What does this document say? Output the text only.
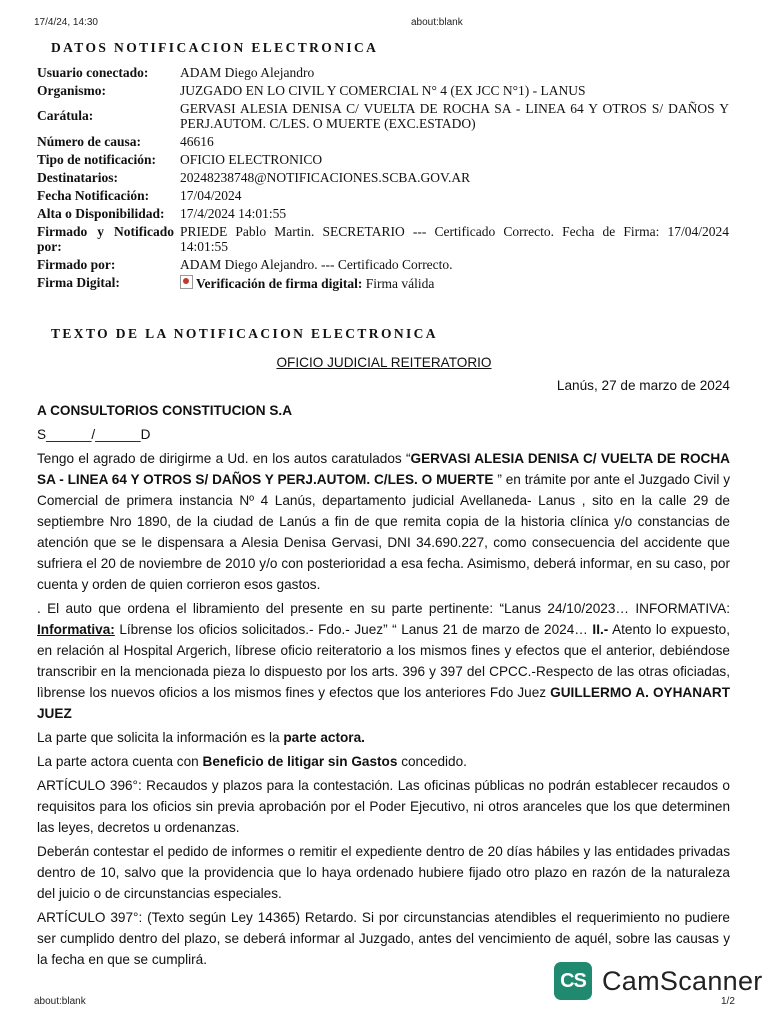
17/4/24, 14:30	about:blank
DATOS NOTIFICACION ELECTRONICA
Usuario conectado:	ADAM Diego Alejandro
Organismo:	JUZGADO EN LO CIVIL Y COMERCIAL N° 4 (EX JCC N°1) - LANUS
Carátula:	GERVASI ALESIA DENISA C/ VUELTA DE ROCHA SA - LINEA 64 Y OTROS S/ DAÑOS Y PERJ.AUTOM. C/LES. O MUERTE (EXC.ESTADO)
Número de causa:	46616
Tipo de notificación:	OFICIO ELECTRONICO
Destinatarios:	20248238748@NOTIFICACIONES.SCBA.GOV.AR
Fecha Notificación:	17/04/2024
Alta o Disponibilidad:	17/4/2024 14:01:55
Firmado y Notificado por:	PRIEDE Pablo Martin. SECRETARIO --- Certificado Correcto. Fecha de Firma: 17/04/2024 14:01:55
Firmado por:	ADAM Diego Alejandro. --- Certificado Correcto.
Firma Digital:	Verificación de firma digital: Firma válida
TEXTO DE LA NOTIFICACION ELECTRONICA
OFICIO JUDICIAL REITERATORIO
Lanús, 27 de marzo de 2024

A CONSULTORIOS CONSTITUCION S.A

S______/______D

Tengo el agrado de dirigirme a Ud. en los autos caratulados “GERVASI ALESIA DENISA C/ VUELTA DE ROCHA SA - LINEA 64 Y OTROS S/ DAÑOS Y PERJ.AUTOM. C/LES. O MUERTE ” en trámite por ante el Juzgado Civil y Comercial de primera instancia Nº 4 Lanús, departamento judicial Avellaneda- Lanus , sito en la calle 29 de septiembre Nro 1890, de la ciudad de Lanús a fin de que remita copia de la historia clínica y/o constancias de atención que se le dispensara a Alesia Denisa Gervasi, DNI 34.690.227, como consecuencia del accidente que sufriera el 20 de noviembre de 2010 y/o con posterioridad a esa fecha. Asimismo, deberá informar, en su caso, por cuenta y orden de quien corrieron esos gastos.

. El auto que ordena el libramiento del presente en su parte pertinente: “Lanus 24/10/2023… INFORMATIVA: Informativa: Líbrense los oficios solicitados.- Fdo.- Juez” “ Lanus 21 de marzo de 2024… II.- Atento lo expuesto, en relación al Hospital Argerich, líbrese oficio reiteratorio a los mismos fines y efectos que el anterior, debiéndose transcribir en la mencionada pieza lo dispuesto por los arts. 396 y 397 del CPCC.-Respecto de las otras oficiadas, lìbrense los nuevos oficios a los mismos fines y efectos que los anteriores Fdo Juez GUILLERMO A. OYHANART JUEZ

La parte que solicita la información es la parte actora.

La parte actora cuenta con Beneficio de litigar sin Gastos concedido.

ARTÍCULO 396°: Recaudos y plazos para la contestación. Las oficinas públicas no podrán establecer recaudos o requisitos para los oficios sin previa aprobación por el Poder Ejecutivo, ni otros aranceles que los que determinen las leyes, decretos u ordenanzas.

Deberán contestar el pedido de informes o remitir el expediente dentro de 20 días hábiles y las entidades privadas dentro de 10, salvo que la providencia que lo haya ordenado hubiere fijado otro plazo en razón de la naturaleza del juicio o de circunstancias especiales.

ARTÍCULO 397°: (Texto según Ley 14365) Retardo. Si por circunstancias atendibles el requerimiento no pudiere ser cumplido dentro del plazo, se deberá informar al Juzgado, antes del vencimiento de aquél, sobre las causas y la fecha en que se cumplirá.

CS CamScanner
about:blank	1/2
